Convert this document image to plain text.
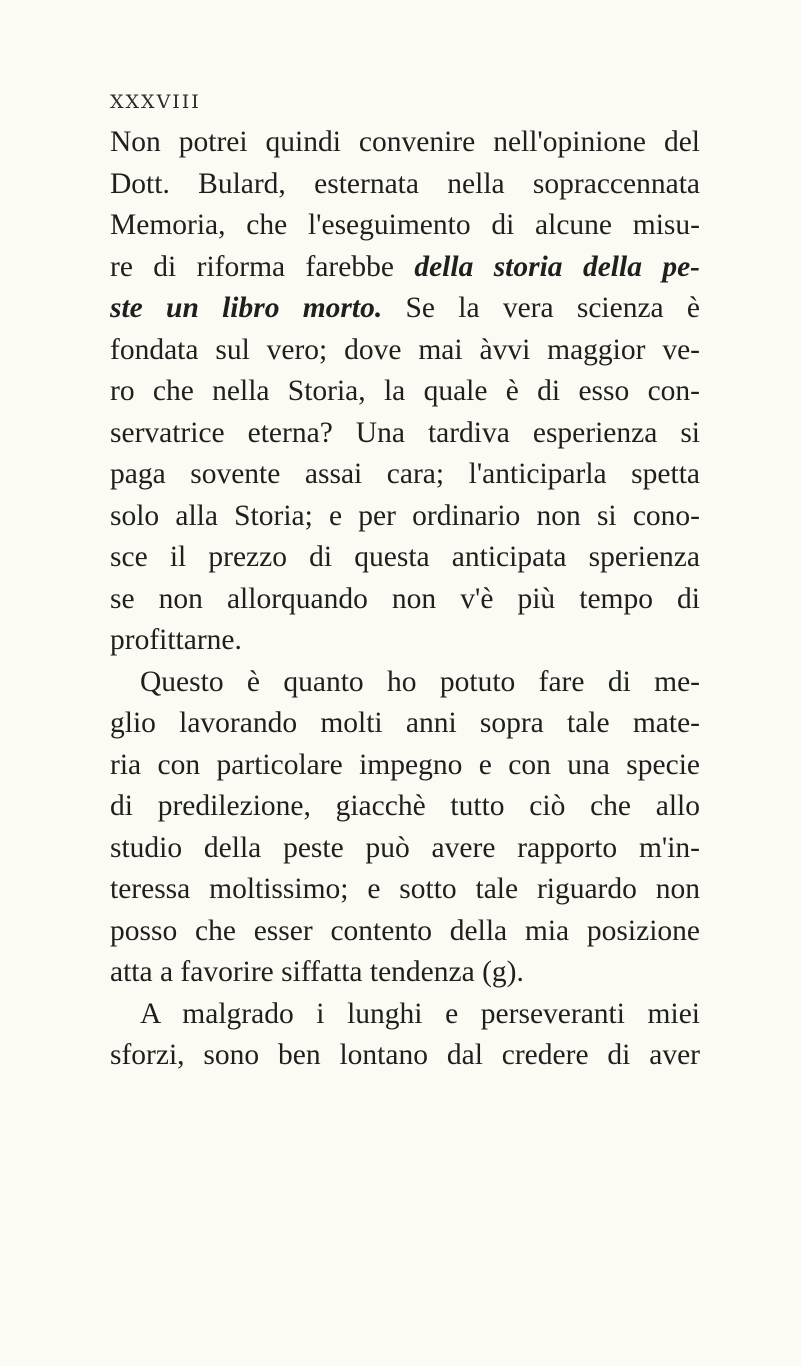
XXXVIII
Non potrei quindi convenire nell'opinione del
Dott. Bulard, esternata nella sopraccennata
Memoria, che l'eseguimento di alcune misu-
re di riforma farebbe della storia della pe-
ste un libro morto. Se la vera scienza è
fondata sul vero; dove mai àvvi maggior ve-
ro che nella Storia, la quale è di esso con-
servatrice eterna? Una tardiva esperienza si
paga sovente assai cara; l'anticiparla spetta
solo alla Storia; e per ordinario non si cono-
sce il prezzo di questa anticipata sperienza
se non allorquando non v'è più tempo di
profittarne.
Questo è quanto ho potuto fare di me-
glio lavorando molti anni sopra tale mate-
ria con particolare impegno e con una specie
di predilezione, giacchè tutto ciò che allo
studio della peste può avere rapporto m'in-
teressa moltissimo; e sotto tale riguardo non
posso che esser contento della mia posizione
atta a favorire siffatta tendenza (g).
A malgrado i lunghi e perseveranti miei
sforzi, sono ben lontano dal credere di aver
